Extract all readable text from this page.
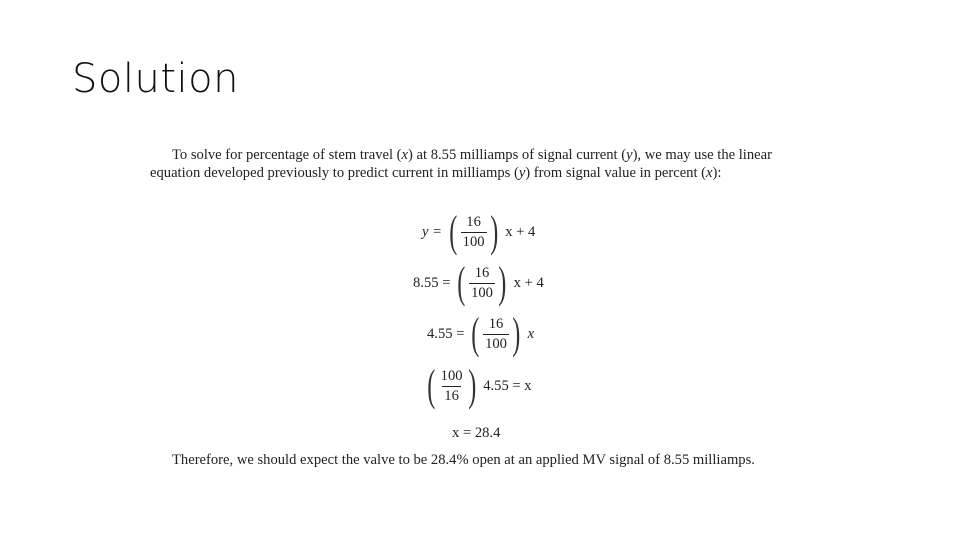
Solution
To solve for percentage of stem travel (x) at 8.55 milliamps of signal current (y), we may use the linear equation developed previously to predict current in milliamps (y) from signal value in percent (x):
y = ( $\frac{16}{100}$ ) x + 4
8.55 = ( $\frac{16}{100}$ ) x + 4
4.55 = ( $\frac{16}{100}$ ) x
( $\frac{100}{16}$ ) 4.55 = x
x = 28.4
Therefore, we should expect the valve to be 28.4% open at an applied MV signal of 8.55 milliamps.
